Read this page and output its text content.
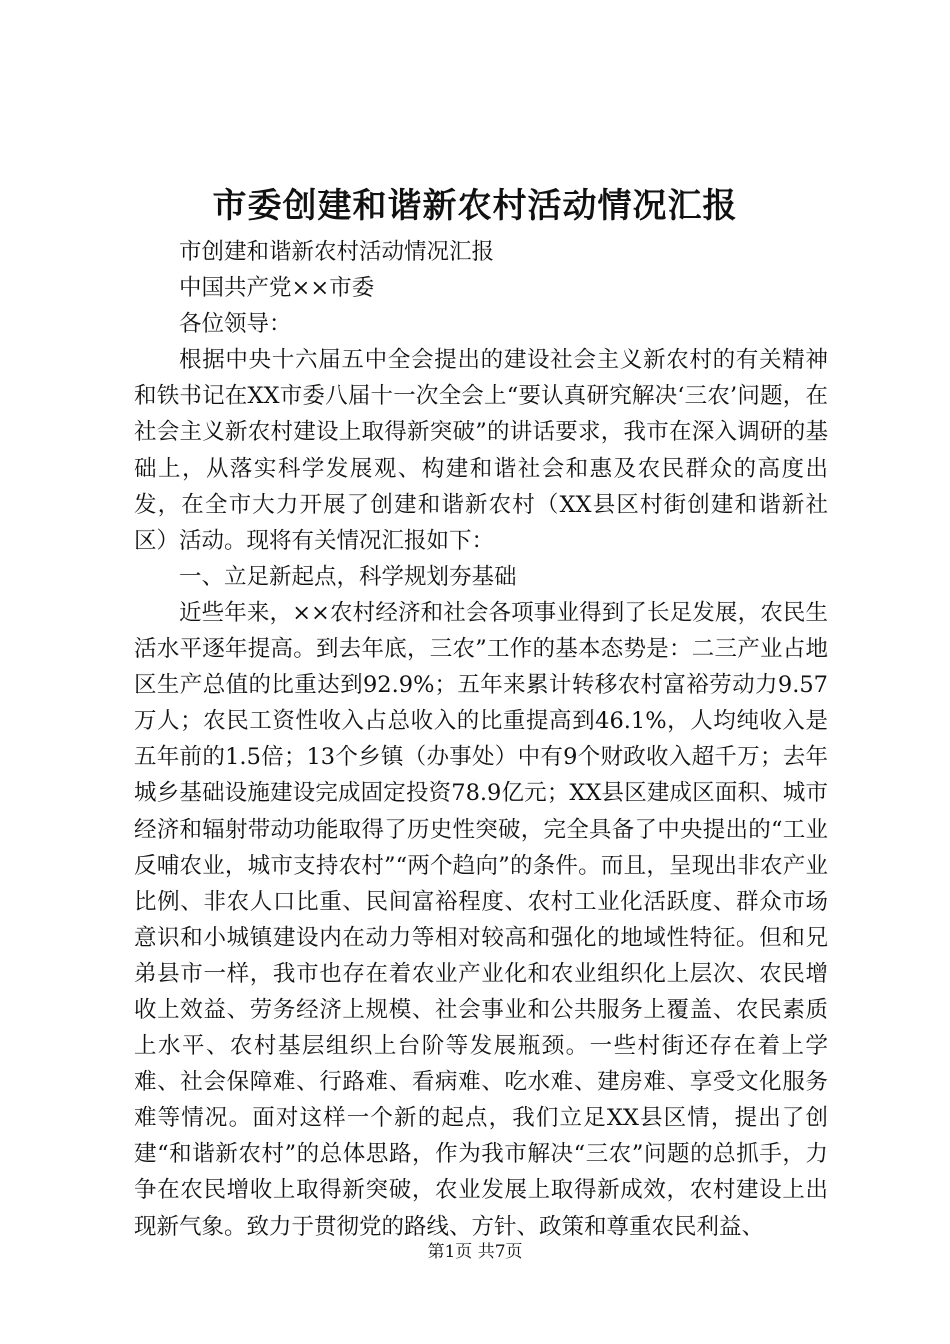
市委创建和谐新农村活动情况汇报

市创建和谐新农村活动情况汇报

中国共产党××市委

各位领导：

根据中央十六届五中全会提出的建设社会主义新农村的有关精神和铁书记在XX市委八届十一次全会上“要认真研究解决‘三农’问题，在社会主义新农村建设上取得新突破”的讲话要求，我市在深入调研的基础上，从落实科学发展观、构建和谐社会和惠及农民群众的高度出发，在全市大力开展了创建和谐新农村（XX县区村街创建和谐新社区）活动。现将有关情况汇报如下：

一、立足新起点，科学规划夯基础

近些年来，××农村经济和社会各项事业得到了长足发展，农民生活水平逐年提高。到去年底，三农”工作的基本态势是：二三产业占地区生产总值的比重达到92.9%；五年来累计转移农村富裕劳动力9.57万人；农民工资性收入占总收入的比重提高到46.1%，人均纯收入是五年前的1.5倍；13个乡镇（办事处）中有9个财政收入超千万；去年城乡基础设施建设完成固定投资78.9亿元；XX县区建成区面积、城市经济和辐射带动功能取得了历史性突破，完全具备了中央提出的“工业反哺农业，城市支持农村”“两个趋向”的条件。而且，呈现出非农产业比例、非农人口比重、民间富裕程度、农村工业化活跃度、群众市场意识和小城镇建设内在动力等相对较高和强化的地域性特征。但和兄弟县市一样，我市也存在着农业产业化和农业组织化上层次、农民增收上效益、劳务经济上规模、社会事业和公共服务上覆盖、农民素质上水平、农村基层组织上台阶等发展瓶颈。一些村街还存在着上学难、社会保障难、行路难、看病难、吃水难、建房难、享受文化服务难等情况。面对这样一个新的起点，我们立足XX县区情，提出了创建“和谐新农村”的总体思路，作为我市解决“三农”问题的总抓手，力争在农民增收上取得新突破，农业发展上取得新成效，农村建设上出现新气象。致力于贯彻党的路线、方针、政策和尊重农民利益、

第1页 共7页
